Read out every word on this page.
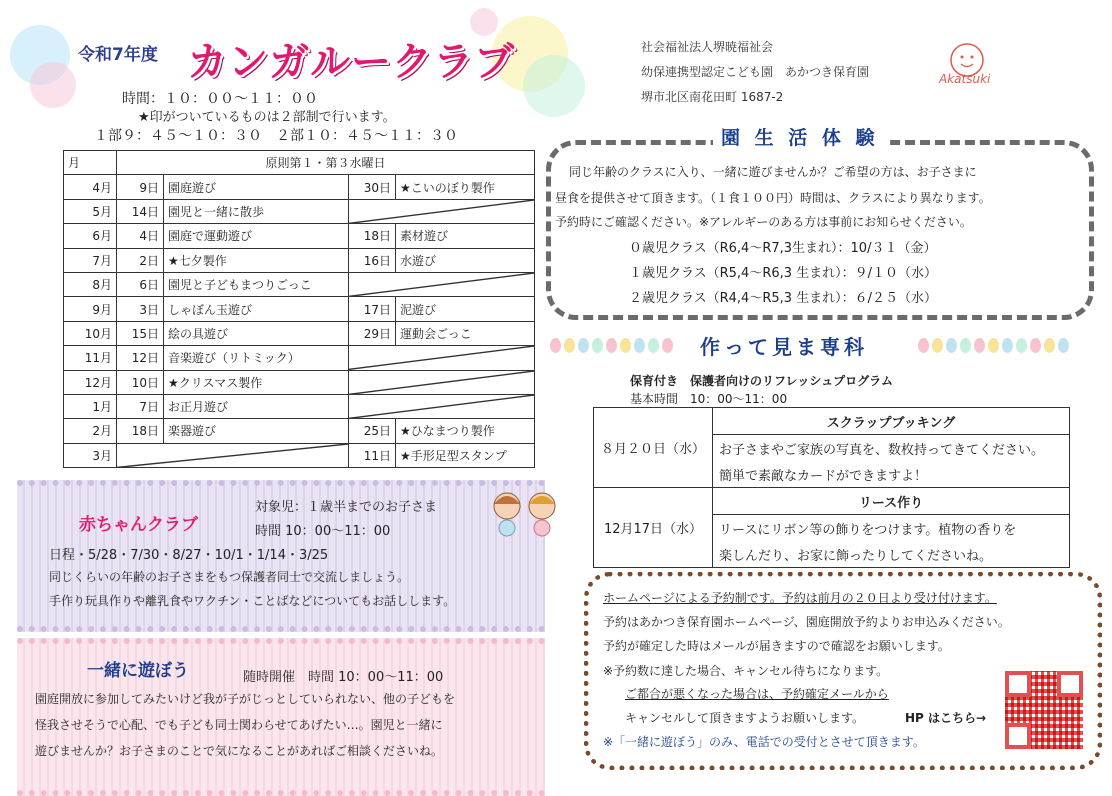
令和7年度 カンガルークラブ
時間：１０：００～１１：００
★印がついているものは２部制で行います。
１部９：４５～１０：３０　２部１０：４５～１１：３０
社会福祉法人堺暁福祉会
幼保連携型認定こども園　あかつき保育園
堺市北区南花田町 1687-2
Akatsuki
月	原則第１・第３水曜日			
4月	9日	園庭遊び	30日	★こいのぼり製作
5月	14日	園児と一緒に散歩	

6月	4日	園庭で運動遊び	18日	素材遊び
7月	2日	★七夕製作	16日	水遊び
8月	6日	園児と子どもまつりごっこ	

9月	3日	しゃぼん玉遊び	17日	泥遊び
10月	15日	絵の具遊び	29日	運動会ごっこ
11月	12日	音楽遊び（リトミック）	

12月	10日	★クリスマス製作	

1月	7日	お正月遊び	

2月	18日	楽器遊び	25日	★ひなまつり製作
3月			11日	★手形足型スタンプ
赤ちゃんクラブ
対象児：１歳半までのお子さま
時間 10：00～11：00
日程・5/28・7/30・8/27・10/1・1/14・3/25
同じくらいの年齢のお子さまをもつ保護者同士で交流しましょう。
手作り玩具作りや離乳食やワクチン・ことばなどについてもお話しします。
一緒に遊ぼう	随時開催　時間 10：00～11：00
園庭開放に参加してみたいけど我が子がじっとしていられない、他の子どもを
怪我させそうで心配、でも子ども同士関わらせてあげたい…。園児と一緒に
遊びませんか？お子さまのことで気になることがあればご相談くださいね。
園 生 活 体 験
同じ年齢のクラスに入り、一緒に遊びませんか？ご希望の方は、お子さまに
昼食を提供させて頂きます。（１食１００円）時間は、クラスにより異なります。
予約時にご確認ください。※アレルギーのある方は事前にお知らせください。
０歳児クラス（R6,4～R7,3生まれ）：10/３１（金）
１歳児クラス（R5,4～R6,3 生まれ）：９/１０（水）
２歳児クラス（R4,4～R5,3 生まれ）：６/２５（水）
作って見ま専科
保育付き　保護者向けのリフレッシュプログラム
基本時間　10：00～11：00
８月２０日（水）	スクラップブッキング
	お子さまやご家族の写真を、数枚持ってきてください。
	簡単で素敵なカードができますよ！
12月17日（水）	リース作り
	リースにリボン等の飾りをつけます。植物の香りを
	楽しんだり、お家に飾ったりしてくださいね。
ホームページによる予約制です。予約は前月の２０日より受け付けます。
予約はあかつき保育園ホームページ、園庭開放予約よりお申込みください。
予約が確定した時はメールが届きますので確認をお願いします。
※予約数に達した場合、キャンセル待ちになります。
ご都合が悪くなった場合は、予約確定メールから
キャンセルして頂きますようお願いします。	HP はこちら→
※「一緒に遊ぼう」のみ、電話での受付とさせて頂きます。
